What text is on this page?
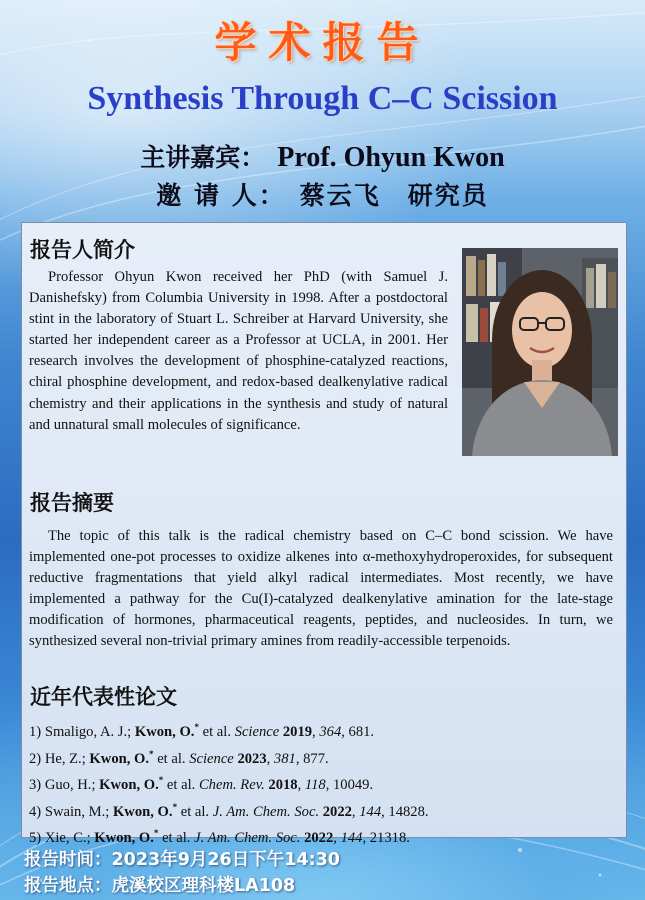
学术报告
Synthesis Through C–C Scission
主讲嘉宾： Prof. Ohyun Kwon
邀 请 人： 蔡云飞　研究员
报告人简介

Professor Ohyun Kwon received her PhD (with Samuel J. Danishefsky) from Columbia University in 1998. After a postdoctoral stint in the laboratory of Stuart L. Schreiber at Harvard University, she started her independent career as a Professor at UCLA, in 2001. Her research involves the development of phosphine-catalyzed reactions, chiral phosphine development, and redox-based dealkenylative radical chemistry and their applications in the synthesis and study of natural and unnatural small molecules of significance.

报告摘要

The topic of this talk is the radical chemistry based on C–C bond scission. We have implemented one-pot processes to oxidize alkenes into α-methoxyhydroperoxides, for subsequent reductive fragmentations that yield alkyl radical intermediates. Most recently, we have implemented a pathway for the Cu(I)-catalyzed dealkenylative amination for the late-stage modification of hormones, pharmaceutical reagents, peptides, and nucleosides. In turn, we synthesized several non-trivial primary amines from readily-accessible terpenoids.

近年代表性论文
1) Smaligo, A. J.; Kwon, O.* et al. Science 2019, 364, 681.
2) He, Z.; Kwon, O.* et al. Science 2023, 381, 877.
3) Guo, H.; Kwon, O.* et al. Chem. Rev. 2018, 118, 10049.
4) Swain, M.; Kwon, O.* et al. J. Am. Chem. Soc. 2022, 144, 14828.
5) Xie, C.; Kwon, O.* et al. J. Am. Chem. Soc. 2022, 144, 21318.
报告时间：2023年9月26日下午14:30
报告地点：虎溪校区理科楼LA108
